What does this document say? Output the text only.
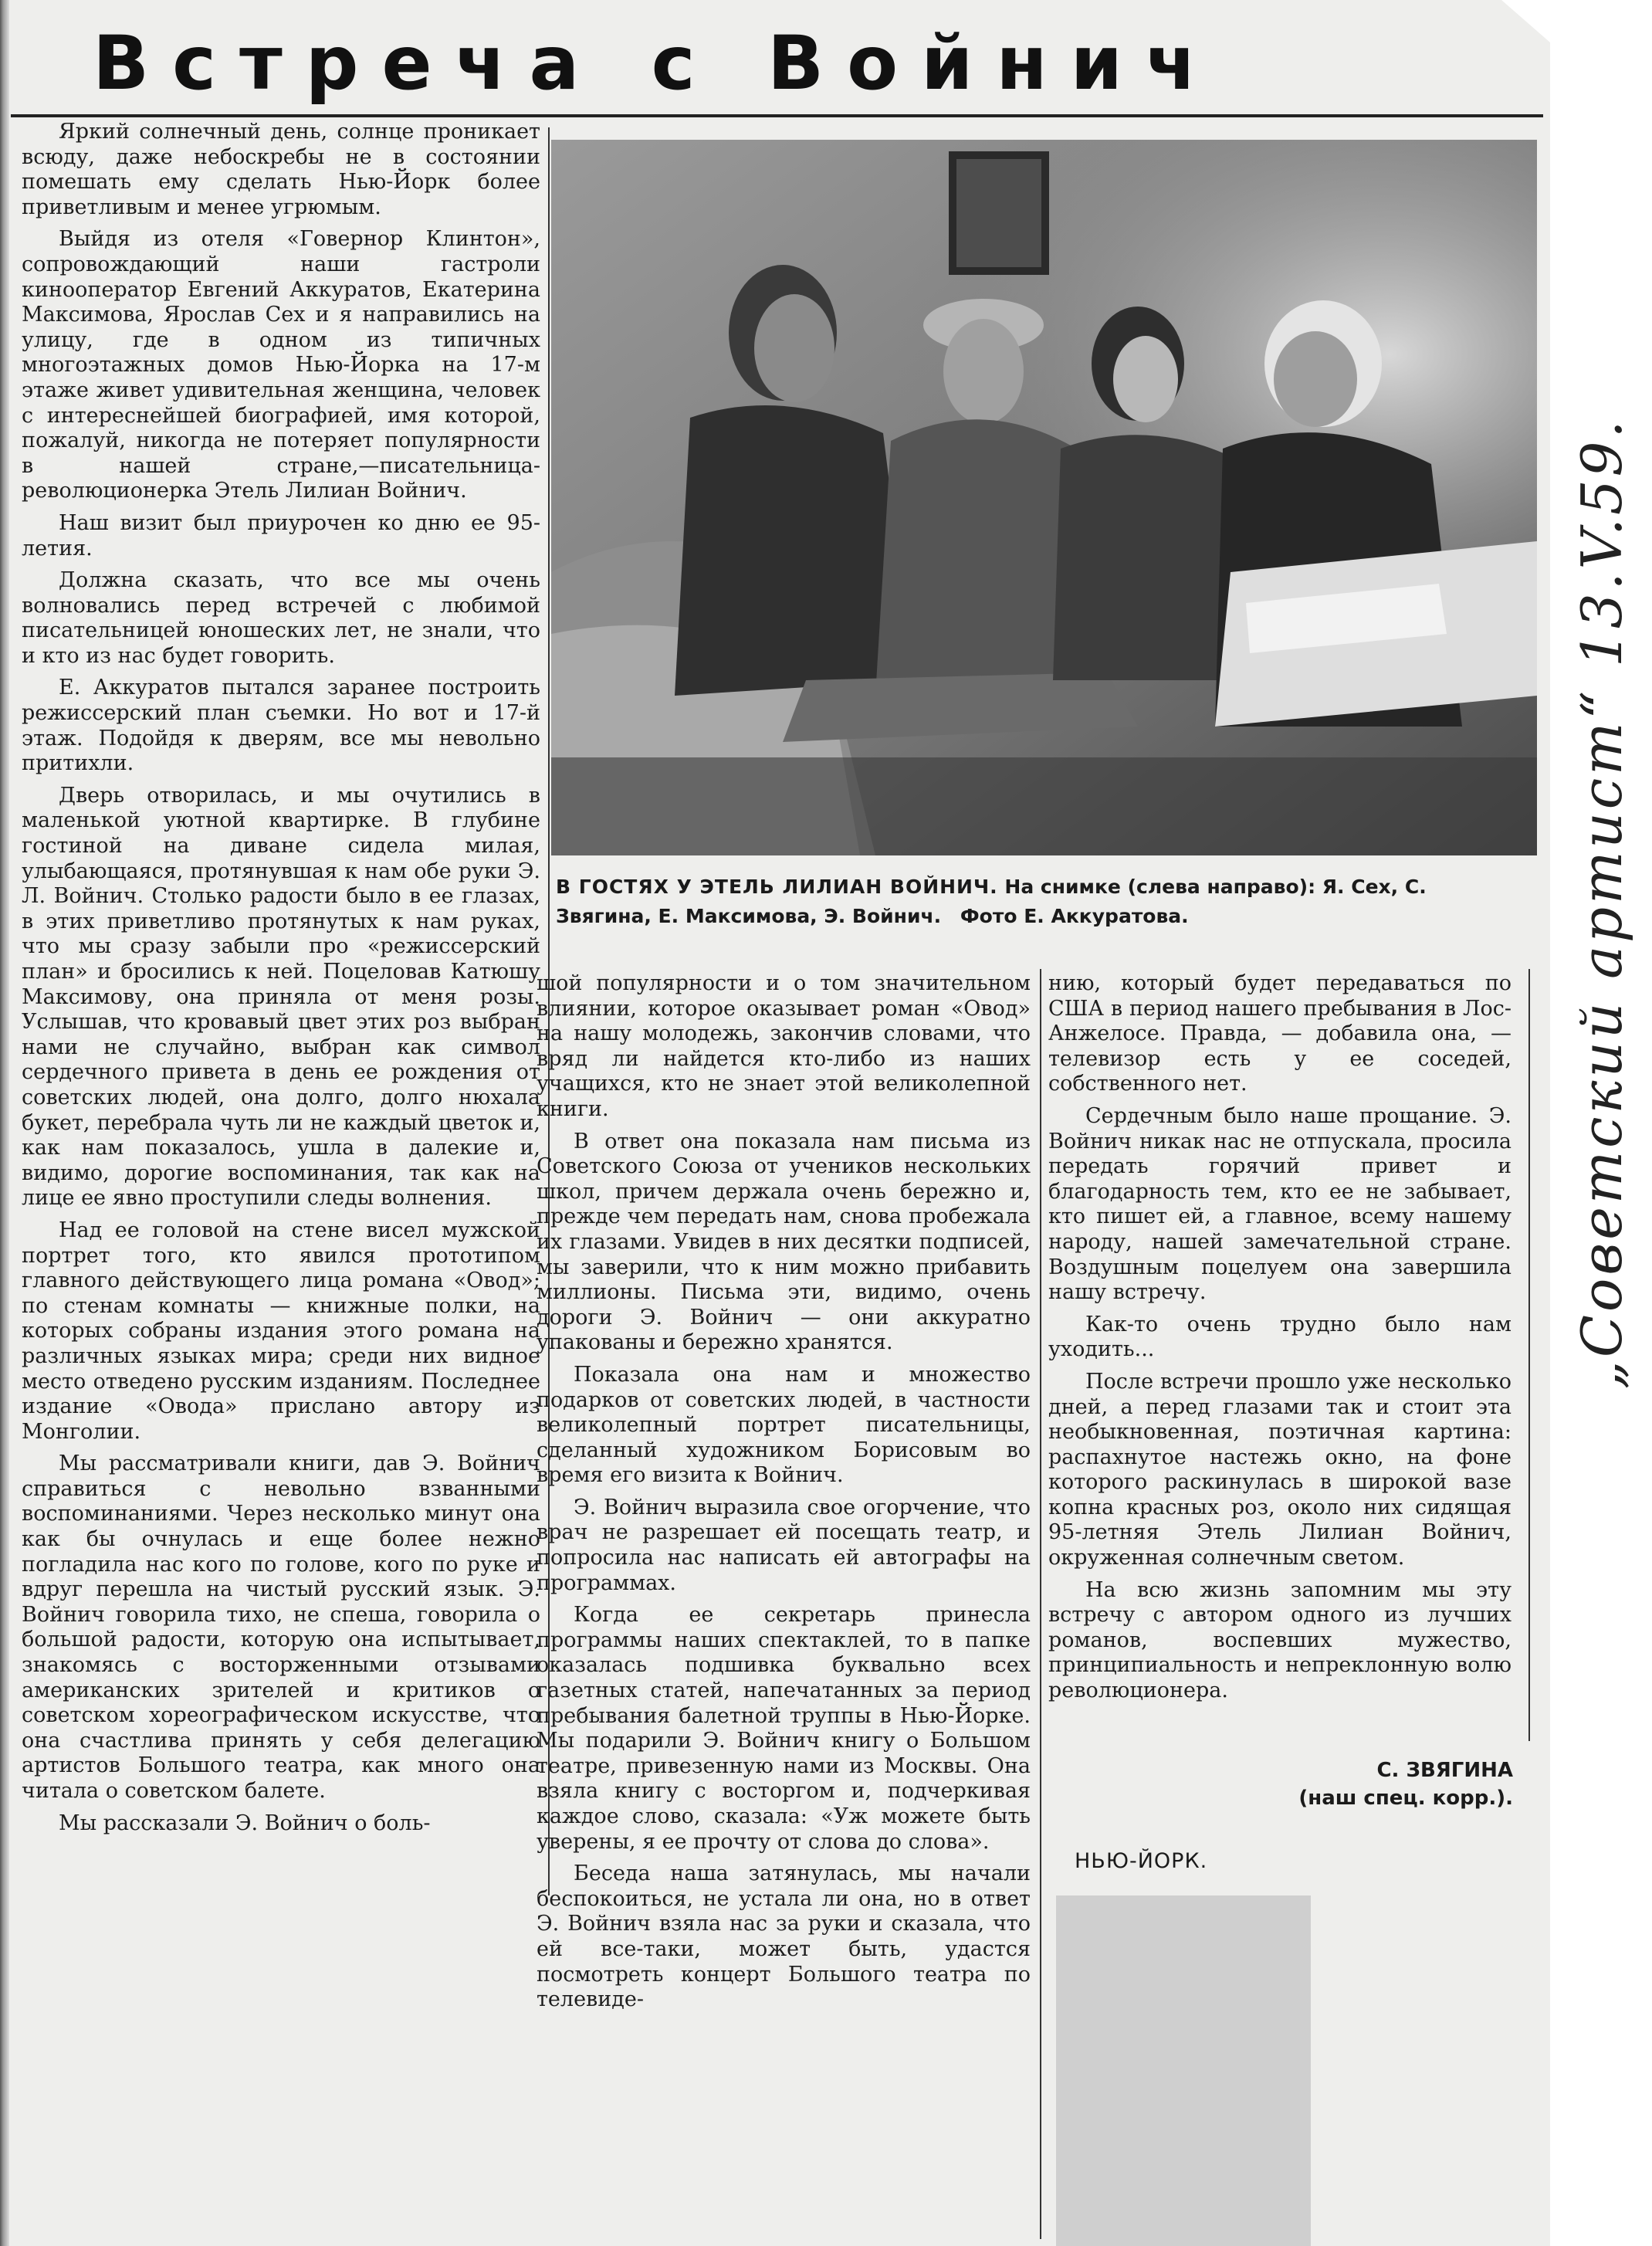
Встреча с Войнич

Яркий солнечный день, солнце проникает всюду, даже небоскребы не в состоянии помешать ему сделать Нью-Йорк более приветливым и менее угрюмым.

Выйдя из отеля «Говернор Клинтон», сопровождающий наши гастроли кинооператор Евгений Аккуратов, Екатерина Максимова, Ярослав Сех и я направились на улицу, где в одном из типичных многоэтажных домов Нью-Йорка на 17-м этаже живет удивительная женщина, человек с интереснейшей биографией, имя которой, пожалуй, никогда не потеряет популярности в нашей стране,—писательница-революционерка Этель Лилиан Войнич.

Наш визит был приурочен ко дню ее 95-летия.

Должна сказать, что все мы очень волновались перед встречей с любимой писательницей юношеских лет, не знали, что и кто из нас будет говорить.

Е. Аккуратов пытался заранее построить режиссерский план съемки. Но вот и 17-й этаж. Подойдя к дверям, все мы невольно притихли.

Дверь отворилась, и мы очутились в маленькой уютной квартирке. В глубине гостиной на диване сидела милая, улыбающаяся, протянувшая к нам обе руки Э. Л. Войнич. Столько радости было в ее глазах, в этих приветливо протянутых к нам руках, что мы сразу забыли про «режиссерский план» и бросились к ней. Поцеловав Катюшу Максимову, она приняла от меня розы. Услышав, что кровавый цвет этих роз выбран нами не случайно, выбран как символ сердечного привета в день ее рождения от советских людей, она долго, долго нюхала букет, перебрала чуть ли не каждый цветок и, как нам показалось, ушла в далекие и, видимо, дорогие воспоминания, так как на лице ее явно проступили следы волнения.

Над ее головой на стене висел мужской портрет того, кто явился прототипом главного действующего лица романа «Овод»; по стенам комнаты — книжные полки, на которых собраны издания этого романа на различных языках мира; среди них видное место отведено русским изданиям. Последнее издание «Овода» прислано автору из Монголии.

Мы рассматривали книги, дав Э. Войнич справиться с невольно взванными воспоминаниями. Через несколько минут она как бы очнулась и еще более нежно погладила нас кого по голове, кого по руке и вдруг перешла на чистый русский язык. Э. Войнич говорила тихо, не спеша, говорила о большой радости, которую она испытывает, знакомясь с восторженными отзывами американских зрителей и критиков о советском хореографическом искусстве, что она счастлива принять у себя делегацию артистов Большого театра, как много она читала о советском балете.

Мы рассказали Э. Войнич о боль-

В ГОСТЯХ У ЭТЕЛЬ ЛИЛИАН ВОЙНИЧ. На снимке (слева направо): Я. Сех, С. Звягина, Е. Максимова, Э. Войнич. Фото Е. Аккуратова.

шой популярности и о том значительном влиянии, которое оказывает роман «Овод» на нашу молодежь, закончив словами, что вряд ли найдется кто-либо из наших учащихся, кто не знает этой великолепной книги.

В ответ она показала нам письма из Советского Союза от учеников нескольких школ, причем держала очень бережно и, прежде чем передать нам, снова пробежала их глазами. Увидев в них десятки подписей, мы заверили, что к ним можно прибавить миллионы. Письма эти, видимо, очень дороги Э. Войнич — они аккуратно упакованы и бережно хранятся.

Показала она нам и множество подарков от советских людей, в частности великолепный портрет писательницы, сделанный художником Борисовым во время его визита к Войнич.

Э. Войнич выразила свое огорчение, что врач не разрешает ей посещать театр, и попросила нас написать ей автографы на программах.

Когда ее секретарь принесла программы наших спектаклей, то в папке оказалась подшивка буквально всех газетных статей, напечатанных за период пребывания балетной труппы в Нью-Йорке. Мы подарили Э. Войнич книгу о Большом театре, привезенную нами из Москвы. Она взяла книгу с восторгом и, подчеркивая каждое слово, сказала: «Уж можете быть уверены, я ее прочту от слова до слова».

Беседа наша затянулась, мы начали беспокоиться, не устала ли она, но в ответ Э. Войнич взяла нас за руки и сказала, что ей все-таки, может быть, удастся посмотреть концерт Большого театра по телевиде-

нию, который будет передаваться по США в период нашего пребывания в Лос-Анжелосе. Правда, — добавила она, — телевизор есть у ее соседей, собственного нет.

Сердечным было наше прощание. Э. Войнич никак нас не отпускала, просила передать горячий привет и благодарность тем, кто ее не забывает, кто пишет ей, а главное, всему нашему народу, нашей замечательной стране. Воздушным поцелуем она завершила нашу встречу.

Как-то очень трудно было нам уходить...

После встречи прошло уже несколько дней, а перед глазами так и стоит эта необыкновенная, поэтичная картина: распахнутое настежь окно, на фоне которого раскинулась в широкой вазе копна красных роз, около них сидящая 95-летняя Этель Лилиан Войнич, окруженная солнечным светом.

На всю жизнь запомним мы эту встречу с автором одного из лучших романов, воспевших мужество, принципиальность и непреклонную волю революционера.

С. ЗВЯГИНА
(наш спец. корр.).
НЬЮ-ЙОРК.
„Советский артист“ 13.V.59.
